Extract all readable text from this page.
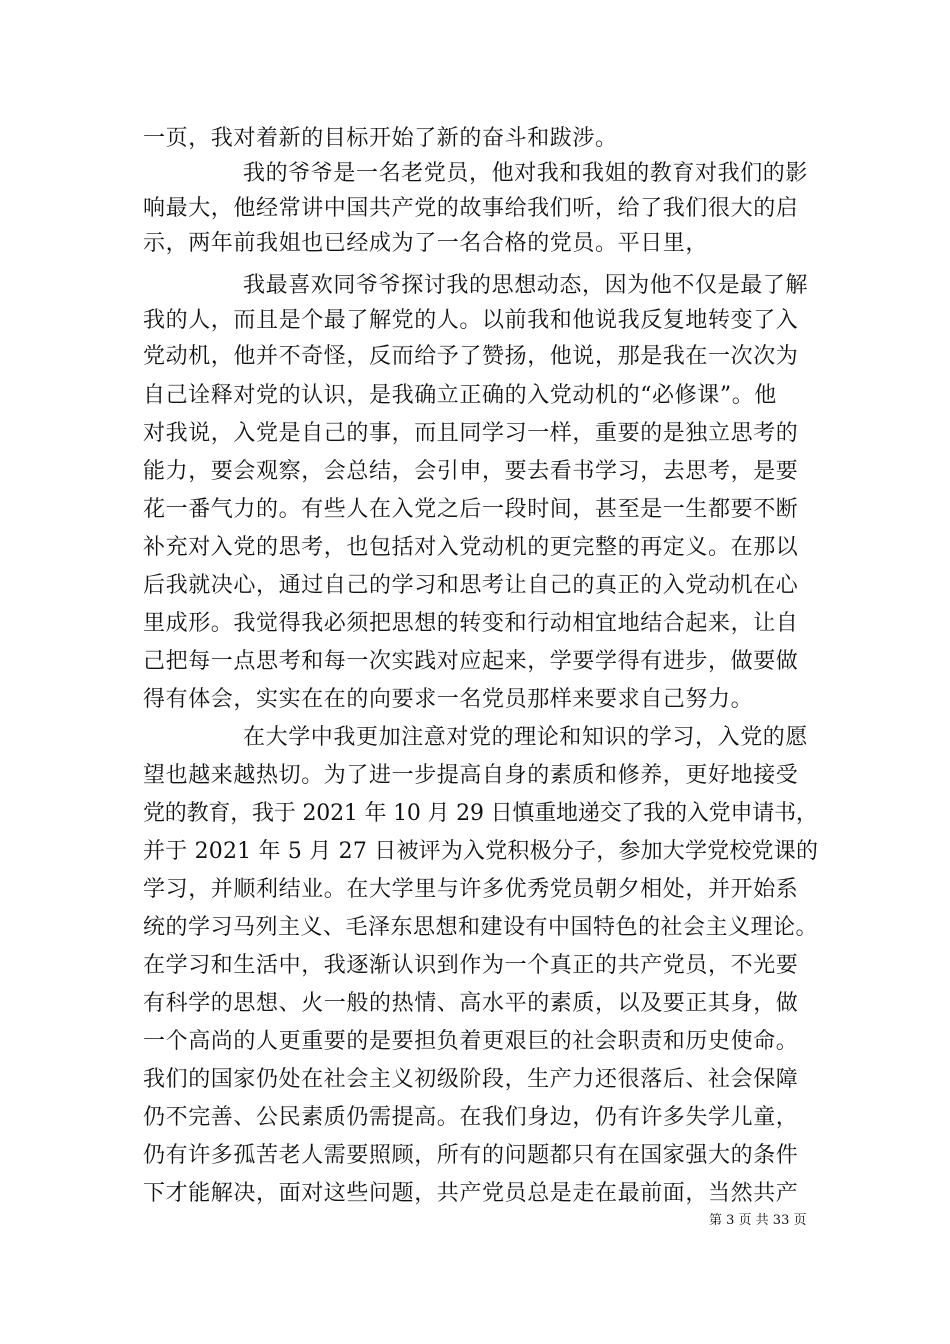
一页，我对着新的目标开始了新的奋斗和跋涉。
我的爷爷是一名老党员，他对我和我姐的教育对我们的影
响最大，他经常讲中国共产党的故事给我们听，给了我们很大的启
示，两年前我姐也已经成为了一名合格的党员。平日里，
我最喜欢同爷爷探讨我的思想动态，因为他不仅是最了解
我的人，而且是个最了解党的人。以前我和他说我反复地转变了入
党动机，他并不奇怪，反而给予了赞扬，他说，那是我在一次次为
自己诠释对党的认识，是我确立正确的入党动机的“必修课”。他
对我说，入党是自己的事，而且同学习一样，重要的是独立思考的
能力，要会观察，会总结，会引申，要去看书学习，去思考，是要
花一番气力的。有些人在入党之后一段时间，甚至是一生都要不断
补充对入党的思考，也包括对入党动机的更完整的再定义。在那以
后我就决心，通过自己的学习和思考让自己的真正的入党动机在心
里成形。我觉得我必须把思想的转变和行动相宜地结合起来，让自
己把每一点思考和每一次实践对应起来，学要学得有进步，做要做
得有体会，实实在在的向要求一名党员那样来要求自己努力。
在大学中我更加注意对党的理论和知识的学习，入党的愿
望也越来越热切。为了进一步提高自身的素质和修养，更好地接受
党的教育，我于 2021 年 10 月 29 日慎重地递交了我的入党申请书，
并于 2021 年 5 月 27 日被评为入党积极分子，参加大学党校党课的
学习，并顺利结业。在大学里与许多优秀党员朝夕相处，并开始系
统的学习马列主义、毛泽东思想和建设有中国特色的社会主义理论。
在学习和生活中，我逐渐认识到作为一个真正的共产党员，不光要
有科学的思想、火一般的热情、高水平的素质，以及要正其身，做
一个高尚的人更重要的是要担负着更艰巨的社会职责和历史使命。
我们的国家仍处在社会主义初级阶段，生产力还很落后、社会保障
仍不完善、公民素质仍需提高。在我们身边，仍有许多失学儿童，
仍有许多孤苦老人需要照顾，所有的问题都只有在国家强大的条件
下才能解决，面对这些问题，共产党员总是走在最前面，当然共产
第 3 页 共 33 页
